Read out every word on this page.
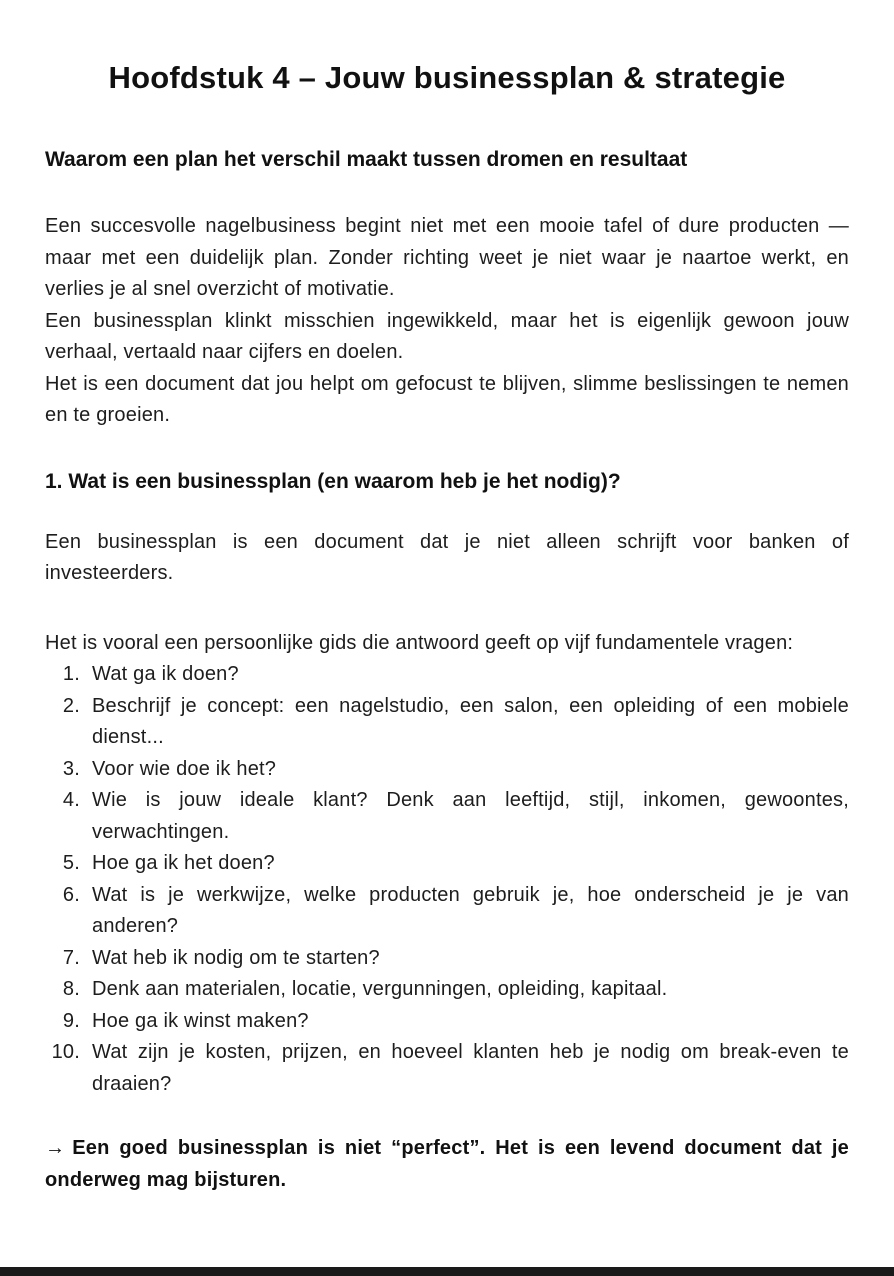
Hoofdstuk 4 – Jouw businessplan & strategie
Waarom een plan het verschil maakt tussen dromen en resultaat

Een succesvolle nagelbusiness begint niet met een mooie tafel of dure producten — maar met een duidelijk plan. Zonder richting weet je niet waar je naartoe werkt, en verlies je al snel overzicht of motivatie.

Een businessplan klinkt misschien ingewikkeld, maar het is eigenlijk gewoon jouw verhaal, vertaald naar cijfers en doelen.

Het is een document dat jou helpt om gefocust te blijven, slimme beslissingen te nemen en te groeien.

1. Wat is een businessplan (en waarom heb je het nodig)?

Een businessplan is een document dat je niet alleen schrijft voor banken of investeerders.

Het is vooral een persoonlijke gids die antwoord geeft op vijf fundamentele vragen:

1. Wat ga ik doen?
2. Beschrijf je concept: een nagelstudio, een salon, een opleiding of een mobiele dienst...
3. Voor wie doe ik het?
4. Wie is jouw ideale klant? Denk aan leeftijd, stijl, inkomen, gewoontes, verwachtingen.
5. Hoe ga ik het doen?
6. Wat is je werkwijze, welke producten gebruik je, hoe onderscheid je je van anderen?
7. Wat heb ik nodig om te starten?
8. Denk aan materialen, locatie, vergunningen, opleiding, kapitaal.
9. Hoe ga ik winst maken?
10. Wat zijn je kosten, prijzen, en hoeveel klanten heb je nodig om break-even te draaien?

→ Een goed businessplan is niet “perfect”. Het is een levend document dat je onderweg mag bijsturen.
